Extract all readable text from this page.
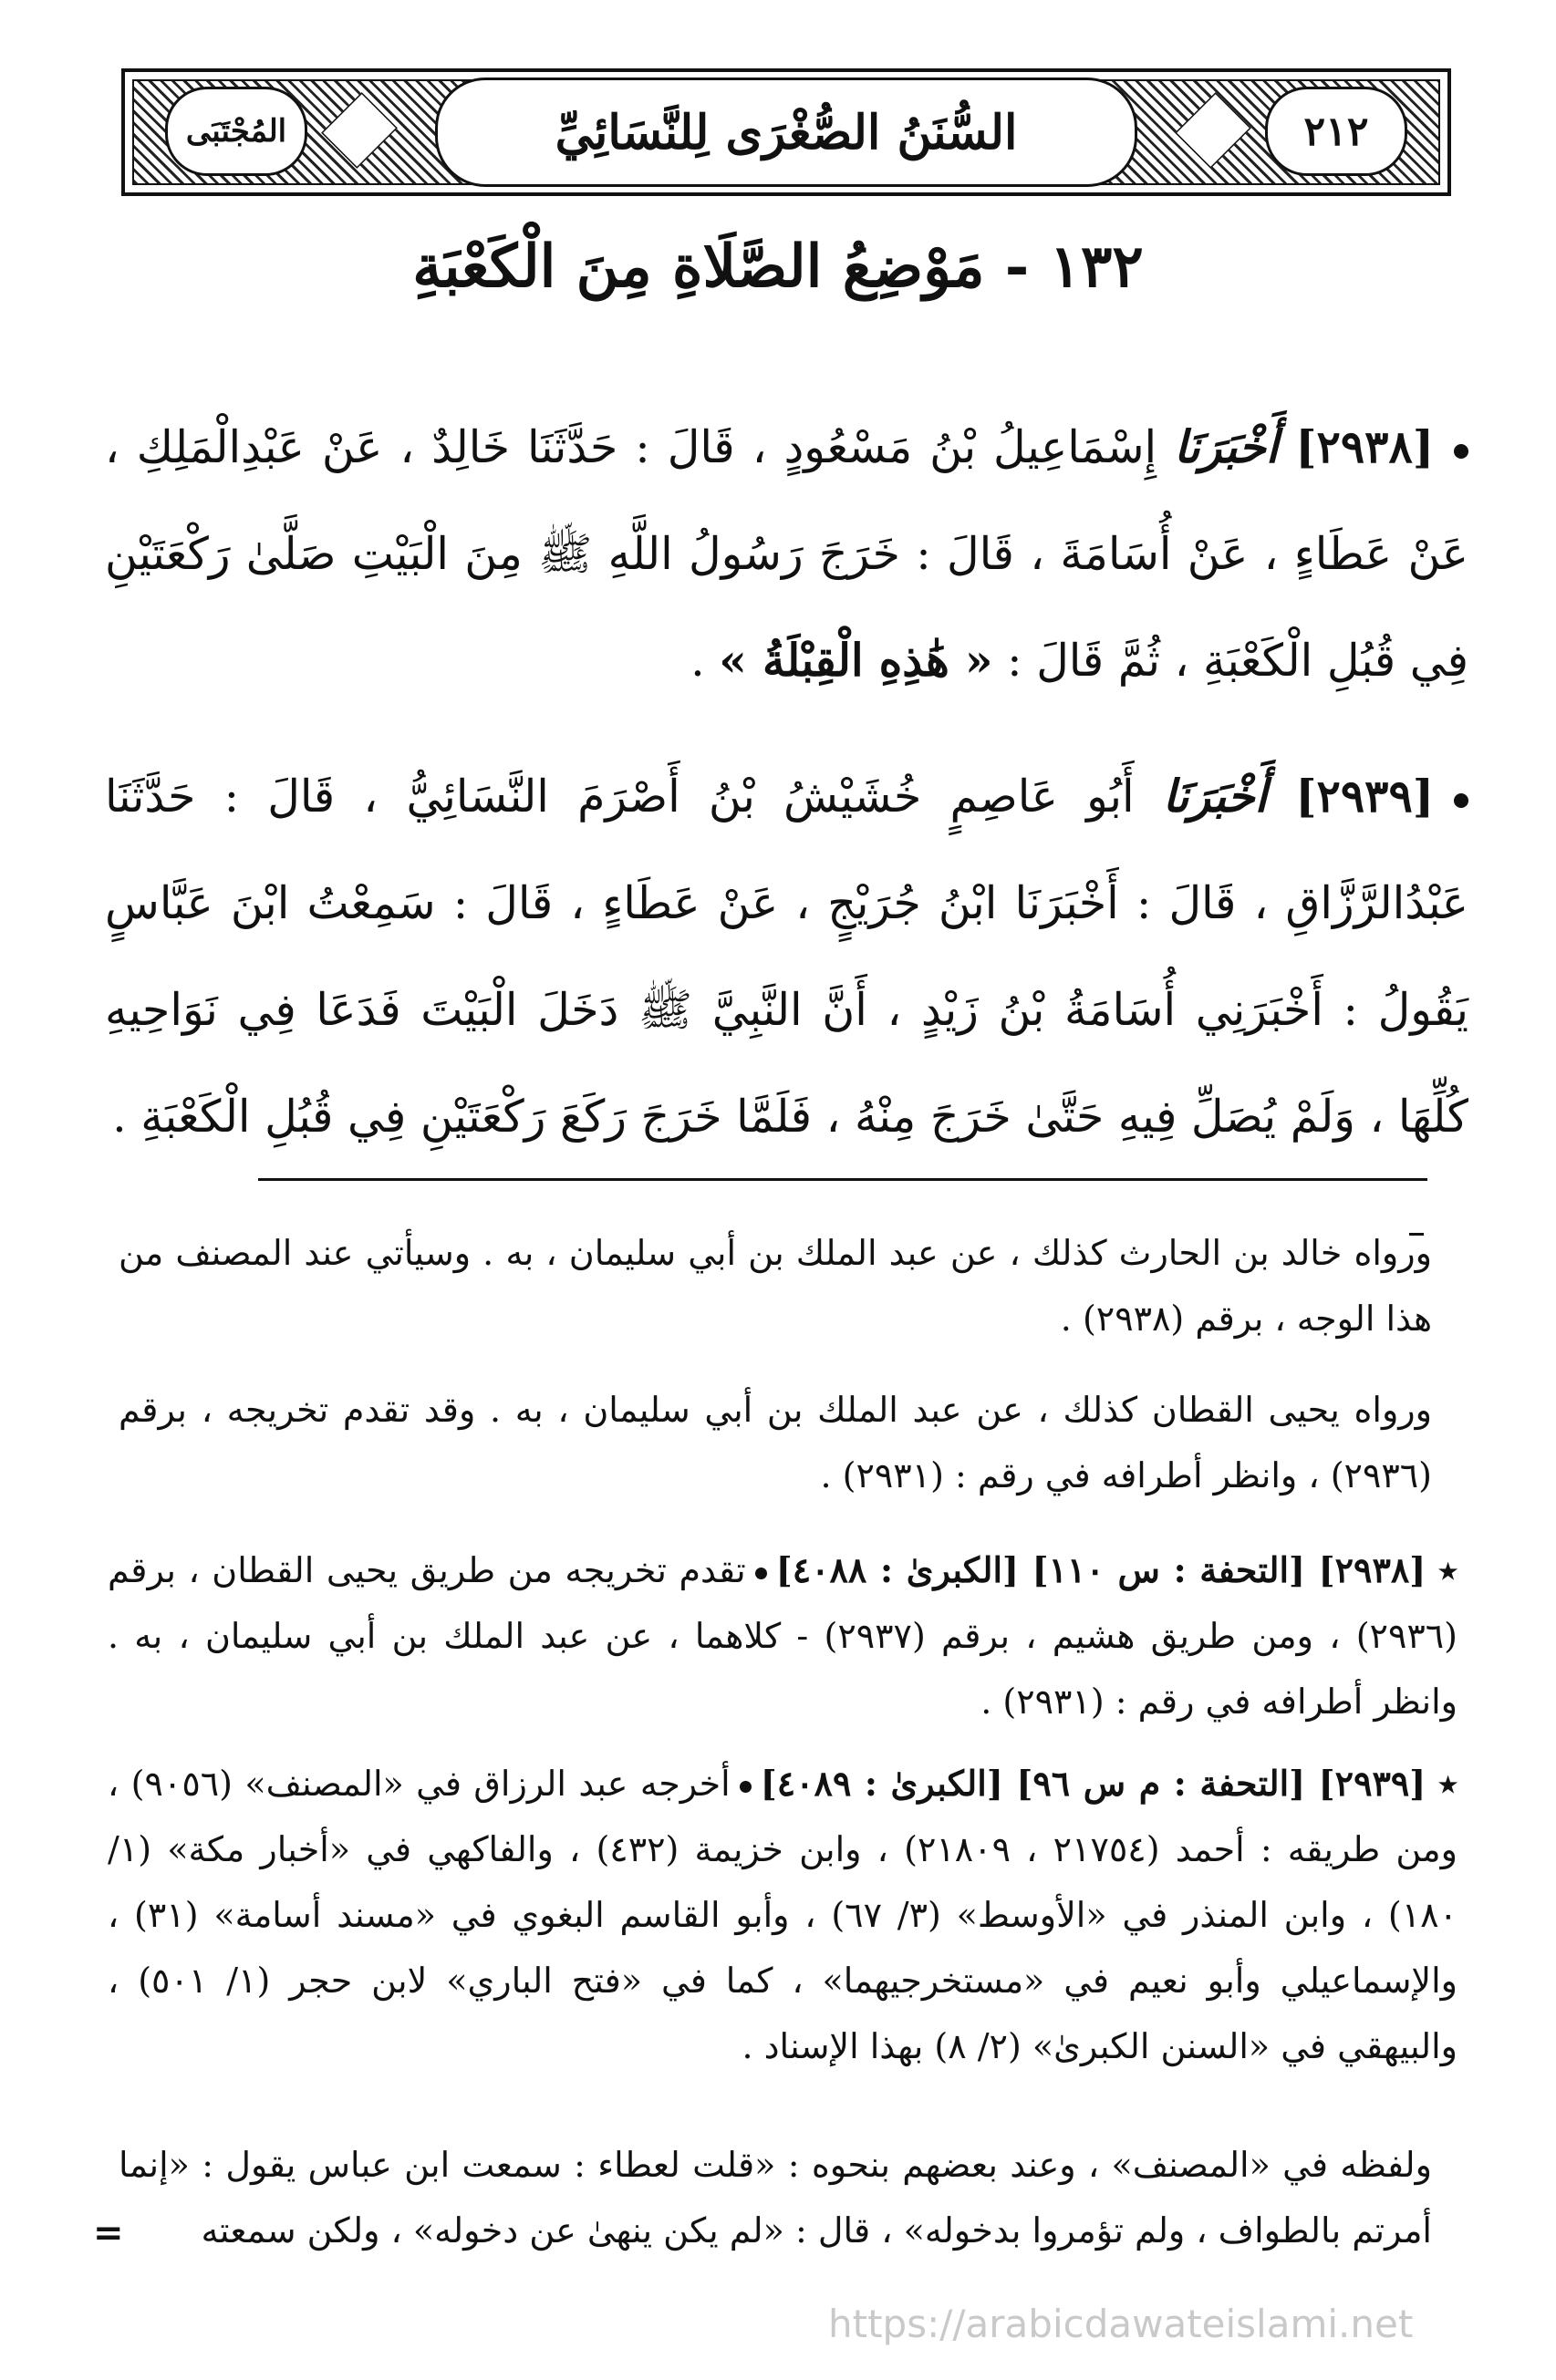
٢١٢
السُّنَنُ الصُّغْرَى لِلنَّسَائِيِّ
المُجْتَبَى
١٣٢ - مَوْضِعُ الصَّلَاةِ مِنَ الْكَعْبَةِ
[٢٩٣٨] أَخْبَرَنَا إِسْمَاعِيلُ بْنُ مَسْعُودٍ ، قَالَ : حَدَّثَنَا خَالِدٌ ، عَنْ عَبْدِالْمَلِكِ ، عَنْ عَطَاءٍ ، عَنْ أُسَامَةَ ، قَالَ : خَرَجَ رَسُولُ اللَّهِ ﷺ مِنَ الْبَيْتِ صَلَّىٰ رَكْعَتَيْنِ فِي قُبُلِ الْكَعْبَةِ ، ثُمَّ قَالَ : « هَٰذِهِ الْقِبْلَةُ » .
[٢٩٣٩] أَخْبَرَنَا أَبُو عَاصِمٍ خُشَيْشُ بْنُ أَصْرَمَ النَّسَائِيُّ ، قَالَ : حَدَّثَنَا عَبْدُالرَّزَّاقِ ، قَالَ : أَخْبَرَنَا ابْنُ جُرَيْجٍ ، عَنْ عَطَاءٍ ، قَالَ : سَمِعْتُ ابْنَ عَبَّاسٍ يَقُولُ : أَخْبَرَنِي أُسَامَةُ بْنُ زَيْدٍ ، أَنَّ النَّبِيَّ ﷺ دَخَلَ الْبَيْتَ فَدَعَا فِي نَوَاحِيهِ كُلِّهَا ، وَلَمْ يُصَلِّ فِيهِ حَتَّىٰ خَرَجَ مِنْهُ ، فَلَمَّا خَرَجَ رَكَعَ رَكْعَتَيْنِ فِي قُبُلِ الْكَعْبَةِ .
ورواه خالد بن الحارث كذلك ، عن عبد الملك بن أبي سليمان ، به . وسيأتي عند المصنف من هذا الوجه ، برقم (٢٩٣٨) .
ورواه يحيى القطان كذلك ، عن عبد الملك بن أبي سليمان ، به . وقد تقدم تخريجه ، برقم (٢٩٣٦) ، وانظر أطرافه في رقم : (٢٩٣١) .
٭[٢٩٣٨] [التحفة : س ١١٠] [الكبرىٰ : ٤٠٨٨]تقدم تخريجه من طريق يحيى القطان ، برقم (٢٩٣٦) ، ومن طريق هشيم ، برقم (٢٩٣٧) - كلاهما ، عن عبد الملك بن أبي سليمان ، به . وانظر أطرافه في رقم : (٢٩٣١) .
٭[٢٩٣٩] [التحفة : م س ٩٦] [الكبرىٰ : ٤٠٨٩]أخرجه عبد الرزاق في «المصنف» (٩٠٥٦) ، ومن طريقه : أحمد (٢١٧٥٤ ، ٢١٨٠٩) ، وابن خزيمة (٤٣٢) ، والفاكهي في «أخبار مكة» (١/ ١٨٠) ، وابن المنذر في «الأوسط» (٣/ ٦٧) ، وأبو القاسم البغوي في «مسند أسامة» (٣١) ، والإسماعيلي وأبو نعيم في «مستخرجيهما» ، كما في «فتح الباري» لابن حجر (١/ ٥٠١) ، والبيهقي في «السنن الكبرىٰ» (٢/ ٨) بهذا الإسناد .
ولفظه في «المصنف» ، وعند بعضهم بنحوه : «قلت لعطاء : سمعت ابن عباس يقول : «إنما أمرتم بالطواف ، ولم تؤمروا بدخوله» ، قال : «لم يكن ينهىٰ عن دخوله» ، ولكن سمعته
=
https://arabicdawateislami.net
